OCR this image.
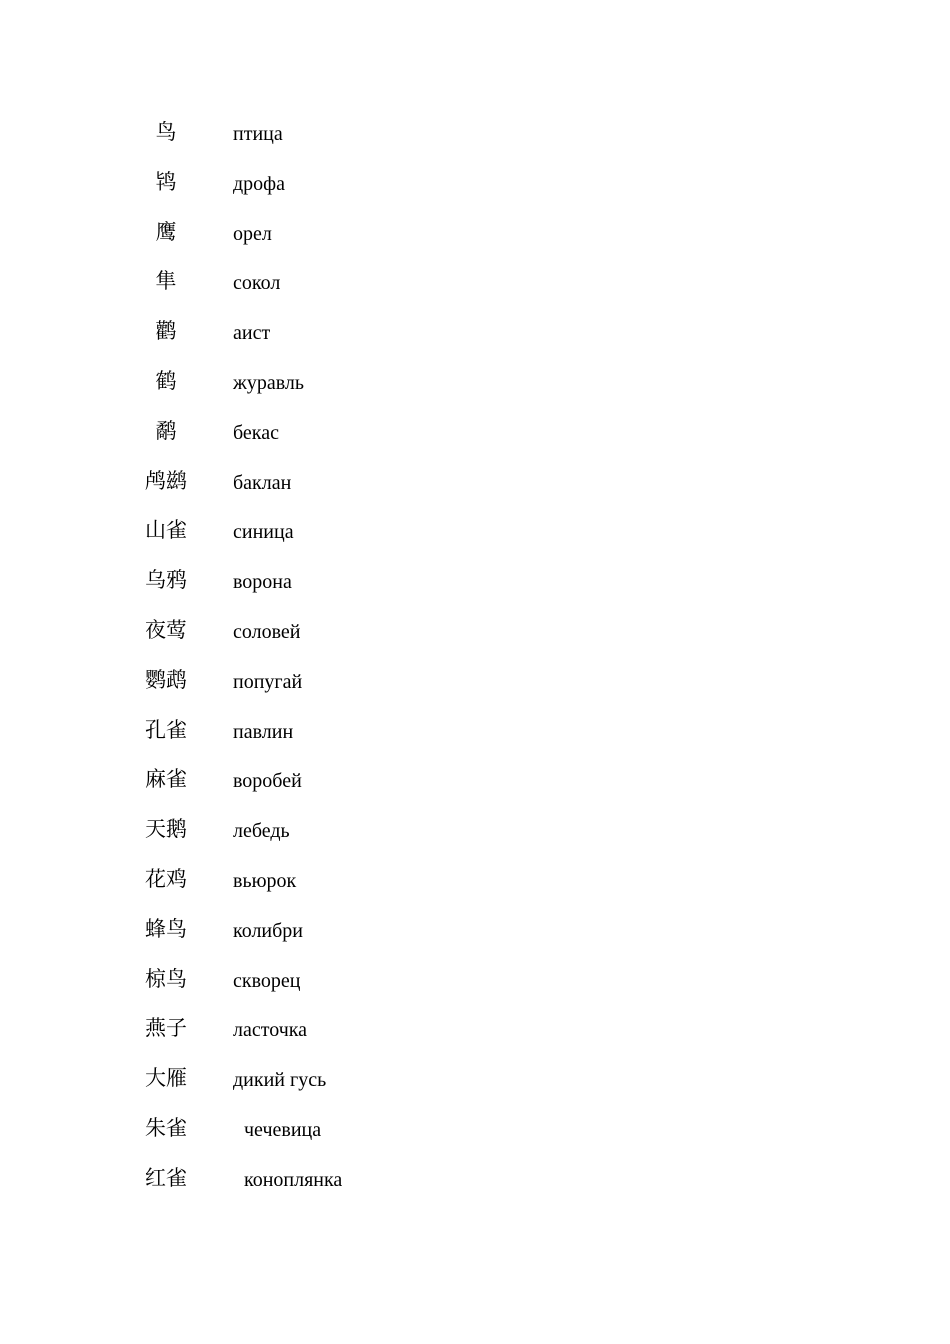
鸟	птица
鸨	дрофа
鹰	орел
隼	сокол
鹳	аист
鹤	журавль
鹬	бекас
鸬鹚 баклан
山雀 синица
乌鸦 ворона
夜莺 соловей
鹦鹉 попугай
孔雀 павлин
麻雀 воробей
天鹅 лебедь
花鸡 вьюрок
蜂鸟 колибри
椋鸟 скворец
燕子 ласточка
大雁 дикий гусь
朱雀	чечевица
红雀	коноплянка
